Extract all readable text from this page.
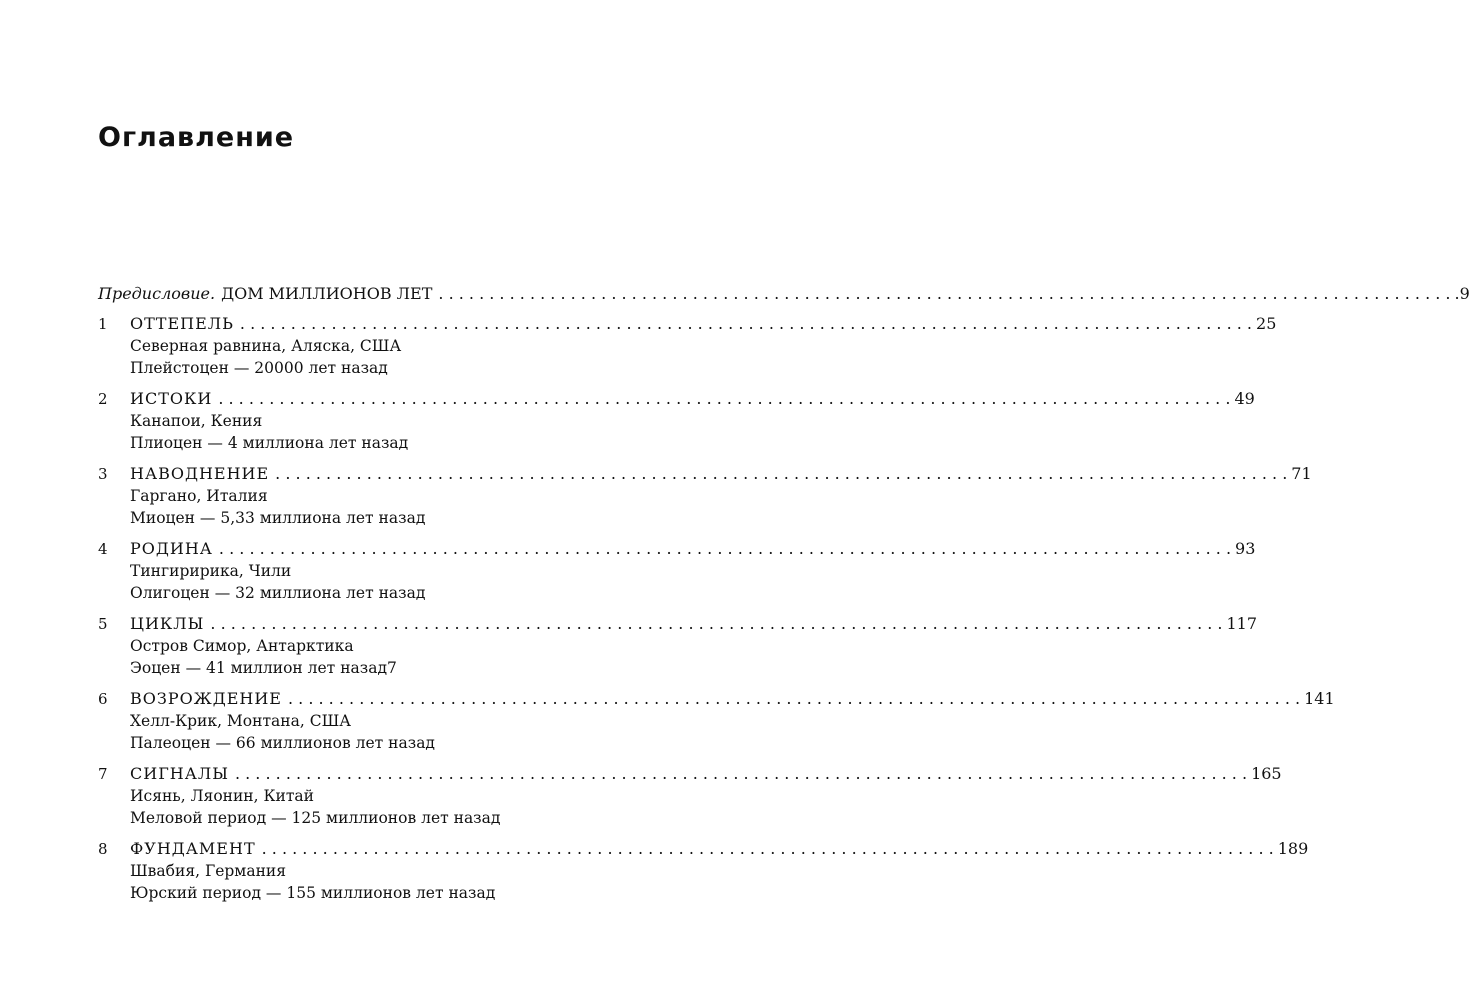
Оглавление
Предисловие. ДОМ МИЛЛИОНОВ ЛЕТ . . .	.9
1	ОТТЕПЕЛЬ . . .	25
Северная равнина, Аляска, США
Плейстоцен — 20000 лет назад
2	ИСТОКИ . . .	49
Канапои, Кения
Плиоцен — 4 миллиона лет назад
3	НАВОДНЕНИЕ . . .	71
Гаргано, Италия
Миоцен — 5,33 миллиона лет назад
4	РОДИНА . . .	93
Тингиририка, Чили
Олигоцен — 32 миллиона лет назад
5	ЦИКЛЫ . . .	117
Остров Симор, Антарктика
Эоцен — 41 миллион лет назад7
6	ВОЗРОЖДЕНИЕ . . .	141
Хелл-Крик, Монтана, США
Палеоцен — 66 миллионов лет назад
7	СИГНАЛЫ . . .	165
Исянь, Ляонин, Китай
Меловой период — 125 миллионов лет назад
8	ФУНДАМЕНТ . . .	189
Швабия, Германия
Юрский период — 155 миллионов лет назад
